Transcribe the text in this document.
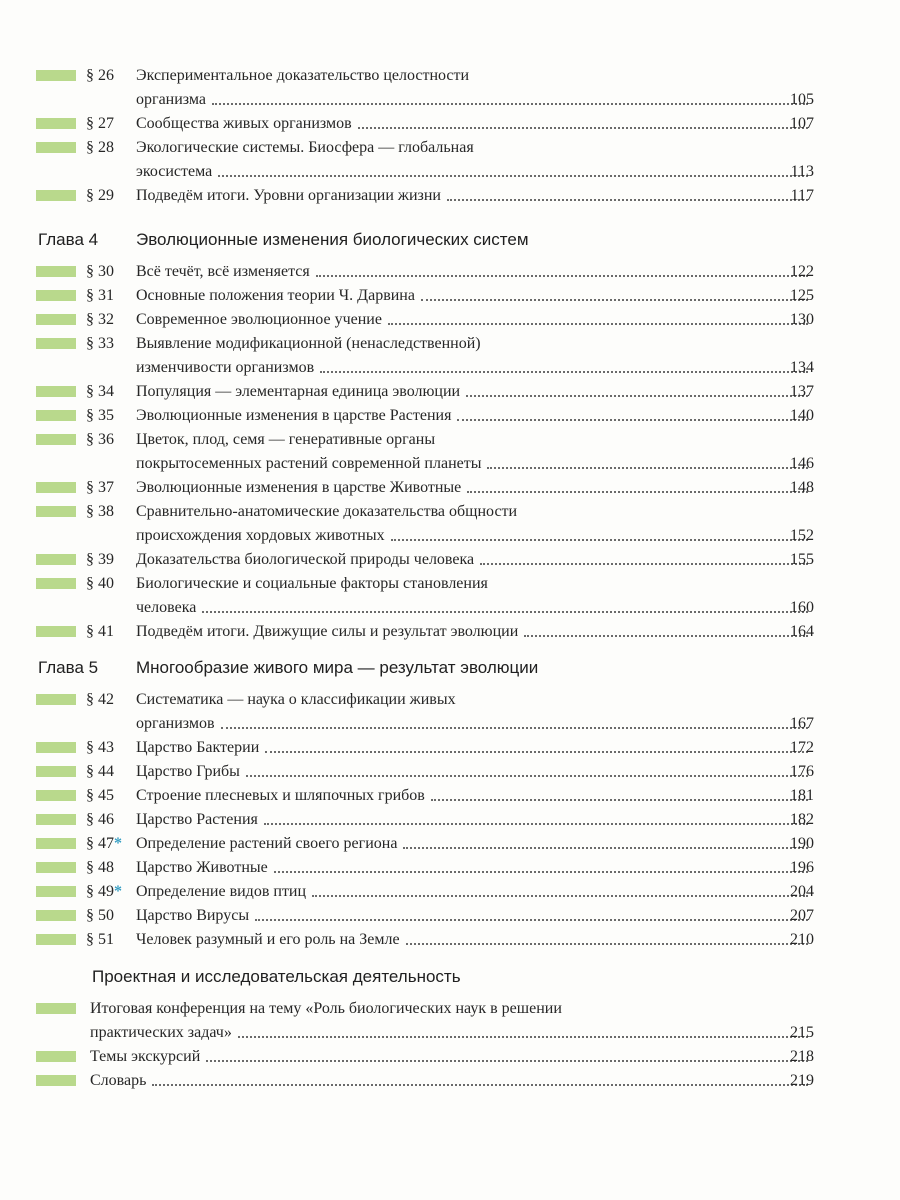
§ 26	Экспериментальное доказательство целостности
организма	105
§ 27	Сообщества живых организмов	107
§ 28	Экологические системы. Биосфера — глобальная
экосистема	113
§ 29	Подведём итоги. Уровни организации жизни	117
Глава 4 Эволюционные изменения биологических систем
§ 30	Всё течёт, всё изменяется	122
§ 31	Основные положения теории Ч. Дарвина	125
§ 32	Современное эволюционное учение	130
§ 33	Выявление модификационной (ненаследственной)
изменчивости организмов	134
§ 34	Популяция — элементарная единица эволюции	137
§ 35	Эволюционные изменения в царстве Растения	140
§ 36	Цветок, плод, семя — генеративные органы
покрытосеменных растений современной планеты	146
§ 37	Эволюционные изменения в царстве Животные	148
§ 38	Сравнительно-анатомические доказательства общности
происхождения хордовых животных	152
§ 39	Доказательства биологической природы человека	155
§ 40	Биологические и социальные факторы становления
человека	160
§ 41	Подведём итоги. Движущие силы и результат эволюции	164
Глава 5 Многообразие живого мира — результат эволюции
§ 42	Систематика — наука о классификации живых
организмов	167
§ 43	Царство Бактерии	172
§ 44	Царство Грибы	176
§ 45	Строение плесневых и шляпочных грибов	181
§ 46	Царство Растения	182
§ 47* Определение растений своего региона	190
§ 48	Царство Животные	196
§ 49* Определение видов птиц	204
§ 50	Царство Вирусы	207
§ 51	Человек разумный и его роль на Земле	210
Проектная и исследовательская деятельность
Итоговая конференция на тему «Роль биологических наук в решении
практических задач»	215
Темы экскурсий	218
Словарь	219
